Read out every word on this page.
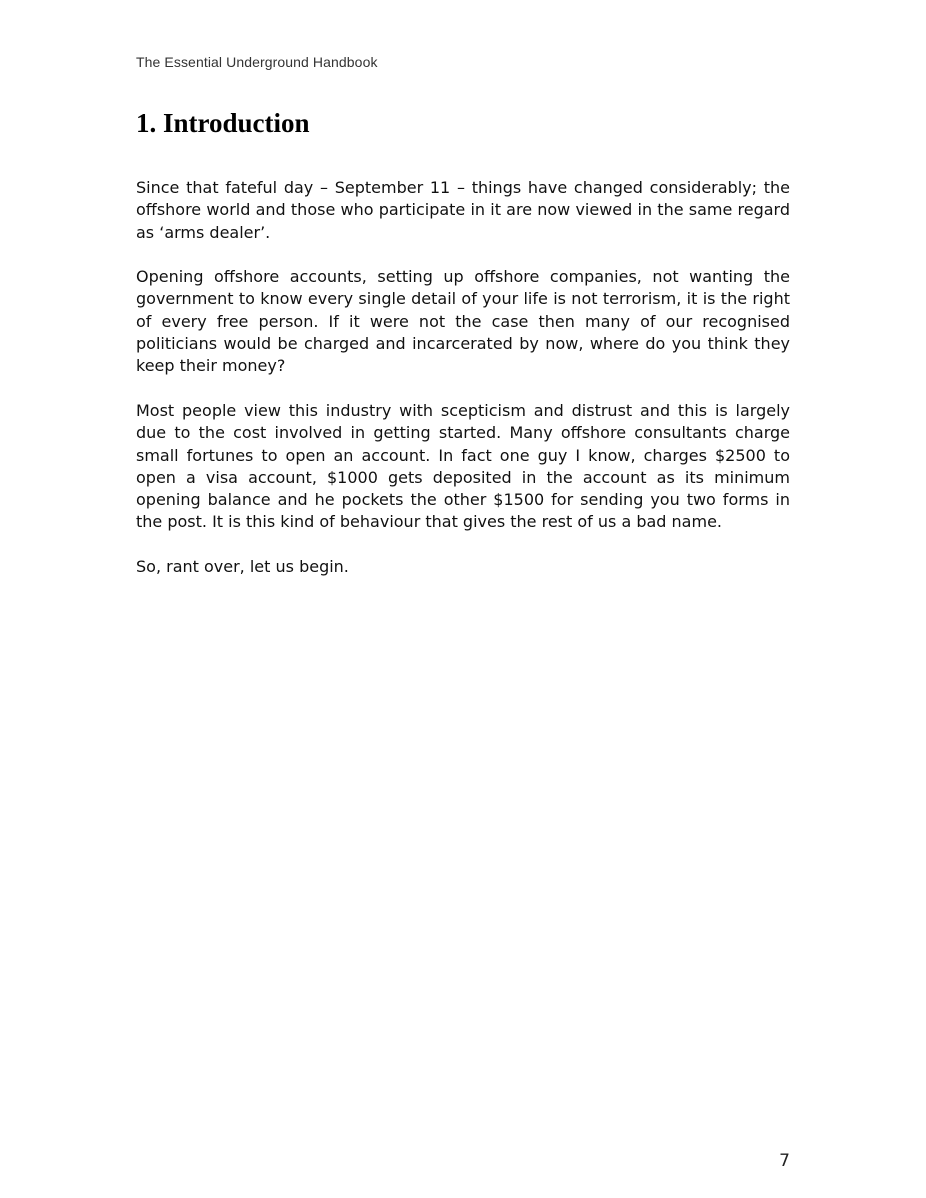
The Essential Underground Handbook
1. Introduction

Since that fateful day – September 11 – things have changed considerably; the offshore world and those who participate in it are now viewed in the same regard as ‘arms dealer’.

Opening offshore accounts, setting up offshore companies, not wanting the government to know every single detail of your life is not terrorism, it is the right of every free person. If it were not the case then many of our recognised politicians would be charged and incarcerated by now, where do you think they keep their money?

Most people view this industry with scepticism and distrust and this is largely due to the cost involved in getting started. Many offshore consultants charge small fortunes to open an account. In fact one guy I know, charges $2500 to open a visa account, $1000 gets deposited in the account as its minimum opening balance and he pockets the other $1500 for sending you two forms in the post. It is this kind of behaviour that gives the rest of us a bad name.

So, rant over, let us begin.

7
